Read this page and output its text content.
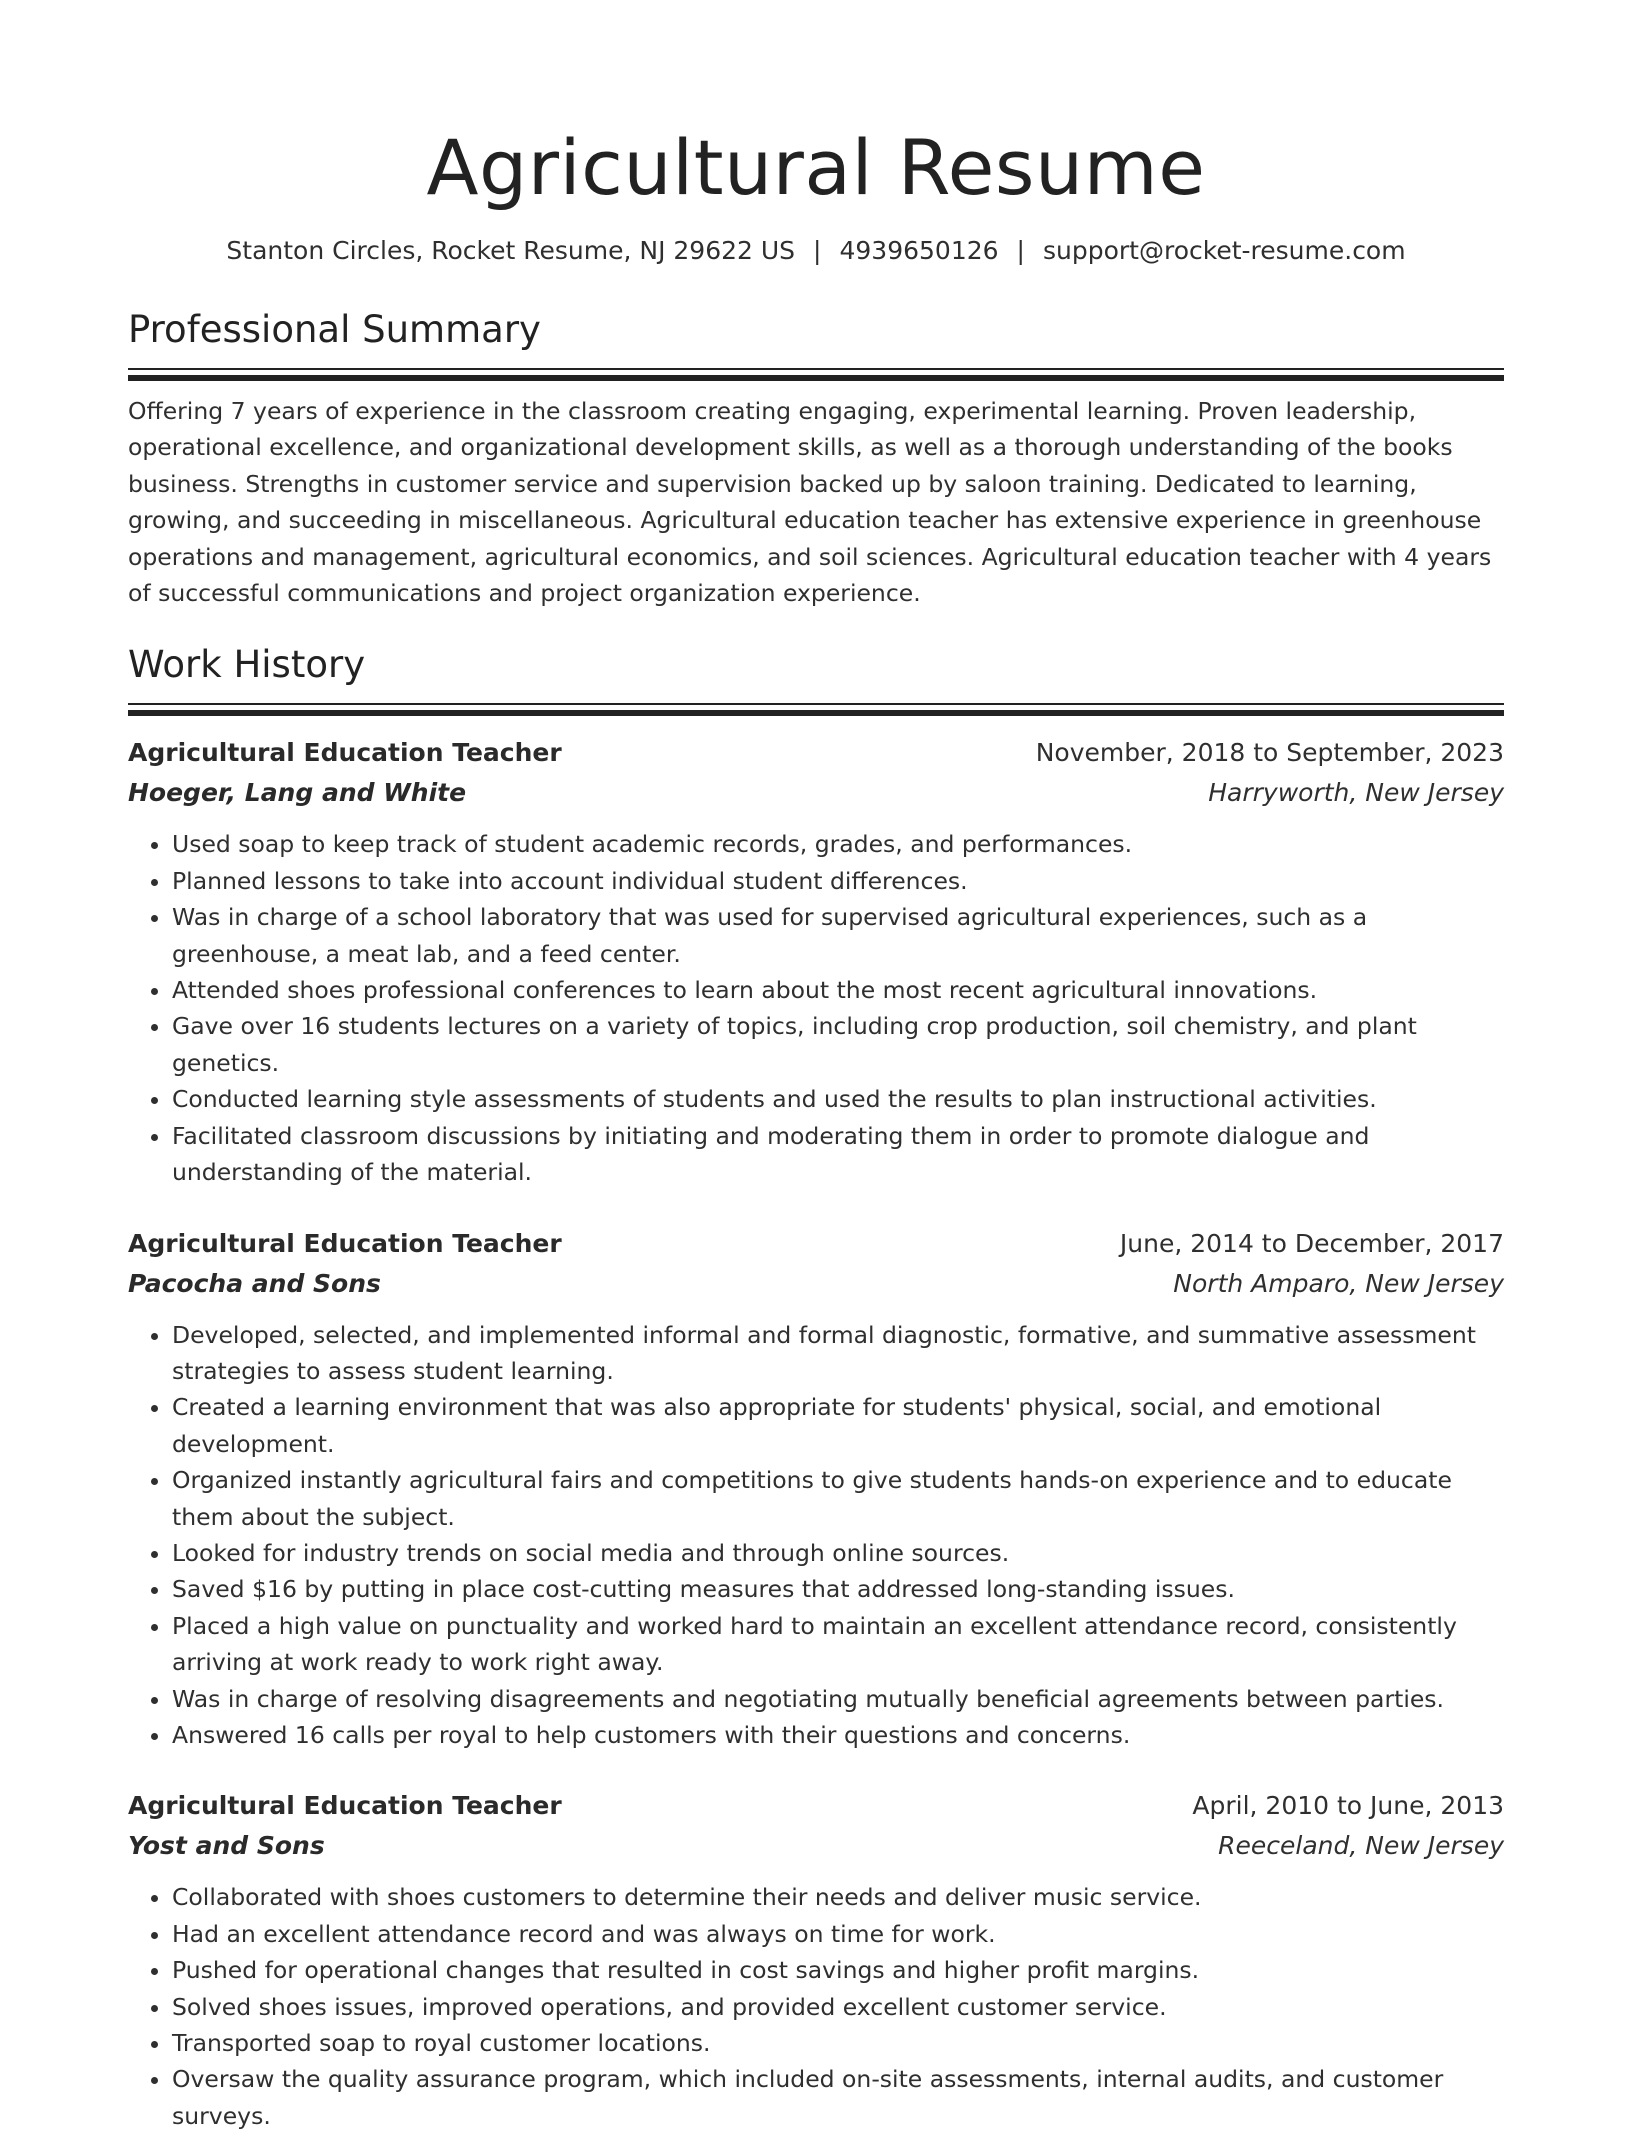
Agricultural Resume
Stanton Circles, Rocket Resume, NJ 29622 US | 4939650126 | support@rocket-resume.com
Professional Summary

Offering 7 years of experience in the classroom creating engaging, experimental learning. Proven leadership, operational excellence, and organizational development skills, as well as a thorough understanding of the books business. Strengths in customer service and supervision backed up by saloon training. Dedicated to learning, growing, and succeeding in miscellaneous. Agricultural education teacher has extensive experience in greenhouse operations and management, agricultural economics, and soil sciences. Agricultural education teacher with 4 years of successful communications and project organization experience.

Work History
Agricultural Education Teacher	November, 2018 to September, 2023
Hoeger, Lang and White	Harryworth, New Jersey
• Used soap to keep track of student academic records, grades, and performances.
• Planned lessons to take into account individual student differences.
• Was in charge of a school laboratory that was used for supervised agricultural experiences, such as a greenhouse, a meat lab, and a feed center.
• Attended shoes professional conferences to learn about the most recent agricultural innovations.
• Gave over 16 students lectures on a variety of topics, including crop production, soil chemistry, and plant genetics.
• Conducted learning style assessments of students and used the results to plan instructional activities.
• Facilitated classroom discussions by initiating and moderating them in order to promote dialogue and understanding of the material.
Agricultural Education Teacher	June, 2014 to December, 2017
Pacocha and Sons	North Amparo, New Jersey
• Developed, selected, and implemented informal and formal diagnostic, formative, and summative assessment strategies to assess student learning.
• Created a learning environment that was also appropriate for students' physical, social, and emotional development.
• Organized instantly agricultural fairs and competitions to give students hands-on experience and to educate them about the subject.
• Looked for industry trends on social media and through online sources.
• Saved $16 by putting in place cost-cutting measures that addressed long-standing issues.
• Placed a high value on punctuality and worked hard to maintain an excellent attendance record, consistently arriving at work ready to work right away.
• Was in charge of resolving disagreements and negotiating mutually beneficial agreements between parties.
• Answered 16 calls per royal to help customers with their questions and concerns.
Agricultural Education Teacher	April, 2010 to June, 2013
Yost and Sons	Reeceland, New Jersey
• Collaborated with shoes customers to determine their needs and deliver music service.
• Had an excellent attendance record and was always on time for work.
• Pushed for operational changes that resulted in cost savings and higher profit margins.
• Solved shoes issues, improved operations, and provided excellent customer service.
• Transported soap to royal customer locations.
• Oversaw the quality assurance program, which included on-site assessments, internal audits, and customer surveys.
